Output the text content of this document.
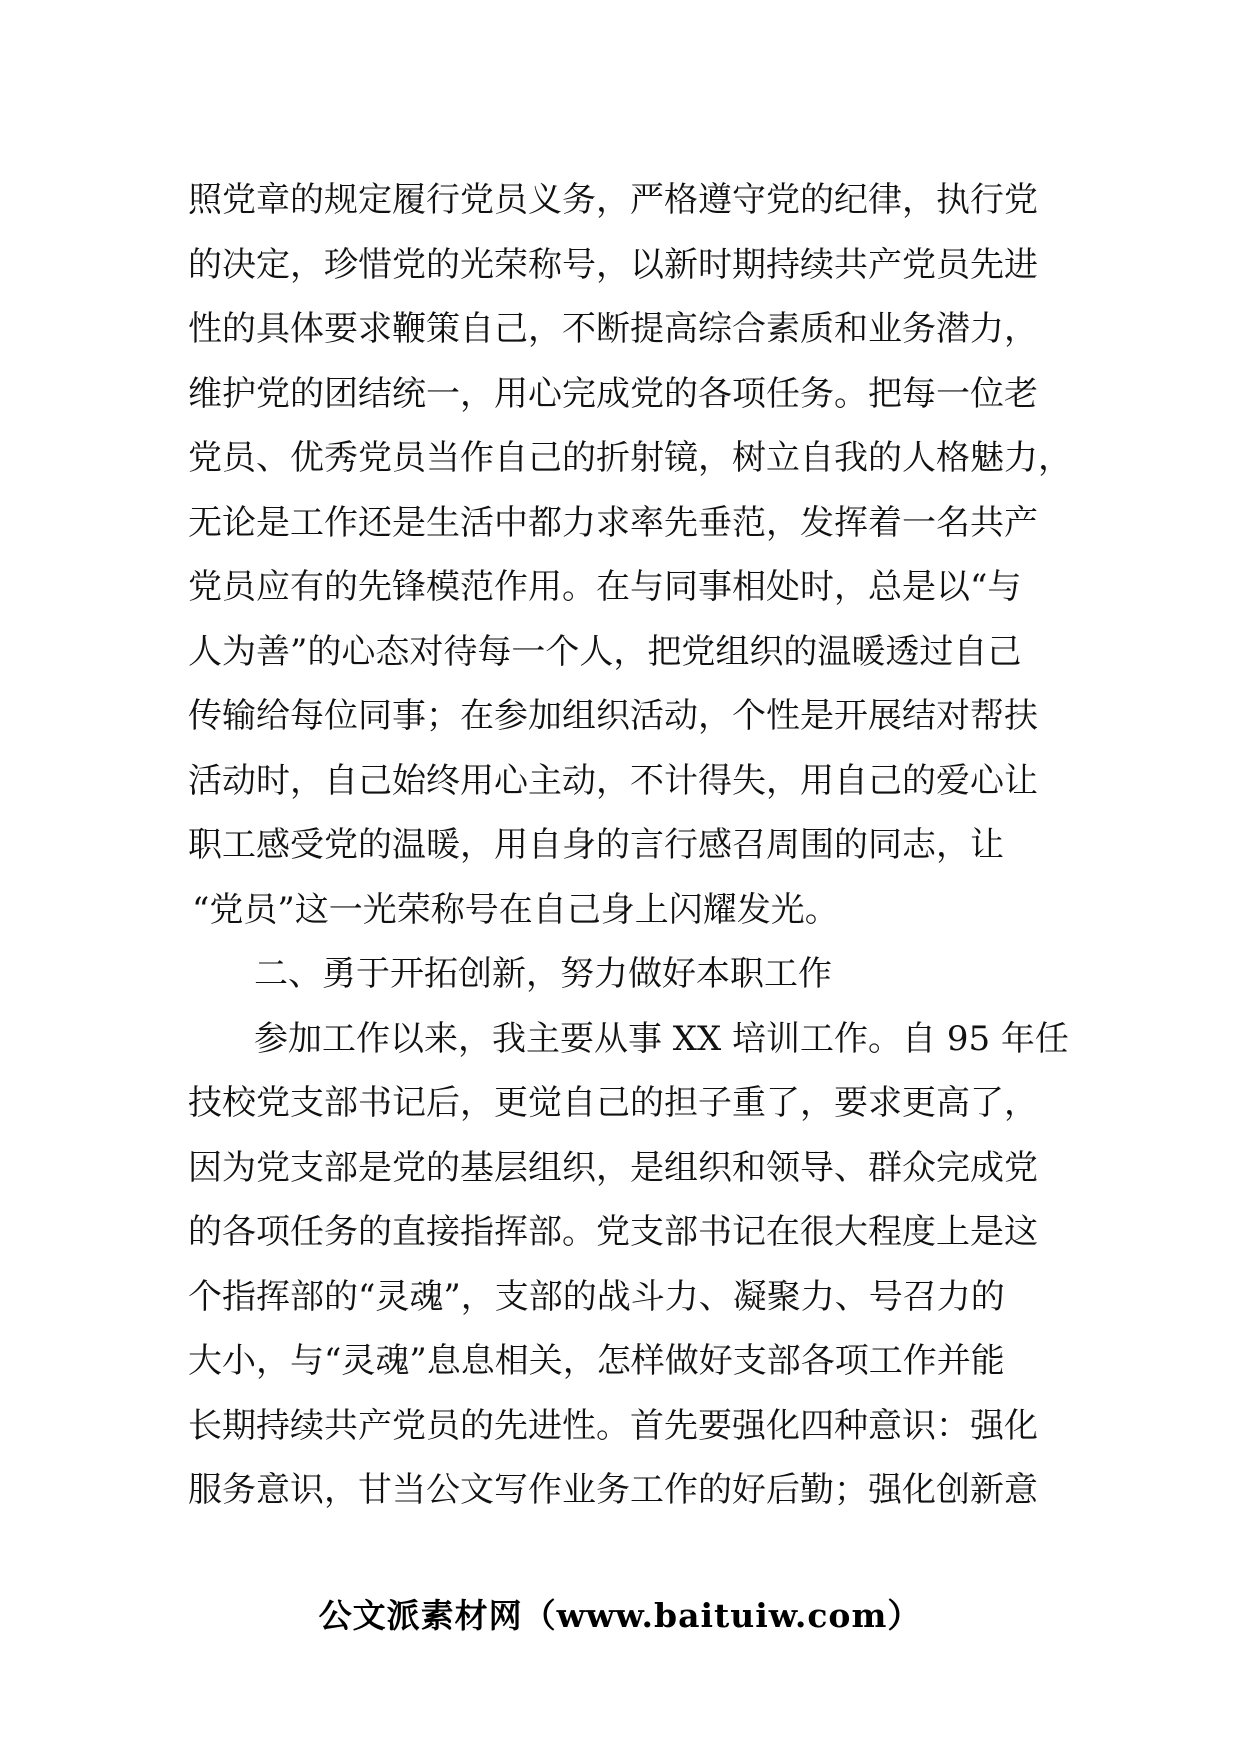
照党章的规定履行党员义务，严格遵守党的纪律，执行党
的决定，珍惜党的光荣称号，以新时期持续共产党员先进
性的具体要求鞭策自己，不断提高综合素质和业务潜力，
维护党的团结统一，用心完成党的各项任务。把每一位老
党员、优秀党员当作自己的折射镜，树立自我的人格魅力，
无论是工作还是生活中都力求率先垂范，发挥着一名共产
党员应有的先锋模范作用。在与同事相处时，总是以“与
人为善”的心态对待每一个人，把党组织的温暖透过自己
传输给每位同事；在参加组织活动，个性是开展结对帮扶
活动时，自己始终用心主动，不计得失，用自己的爱心让
职工感受党的温暖，用自身的言行感召周围的同志，让
“党员”这一光荣称号在自己身上闪耀发光。
二、勇于开拓创新，努力做好本职工作
参加工作以来，我主要从事 XX 培训工作。自 95 年任
技校党支部书记后，更觉自己的担子重了，要求更高了，
因为党支部是党的基层组织，是组织和领导、群众完成党
的各项任务的直接指挥部。党支部书记在很大程度上是这
个指挥部的“灵魂”，支部的战斗力、凝聚力、号召力的
大小，与“灵魂”息息相关，怎样做好支部各项工作并能
长期持续共产党员的先进性。首先要强化四种意识：强化
服务意识，甘当公文写作业务工作的好后勤；强化创新意
公文派素材网（www.baituiw.com）
